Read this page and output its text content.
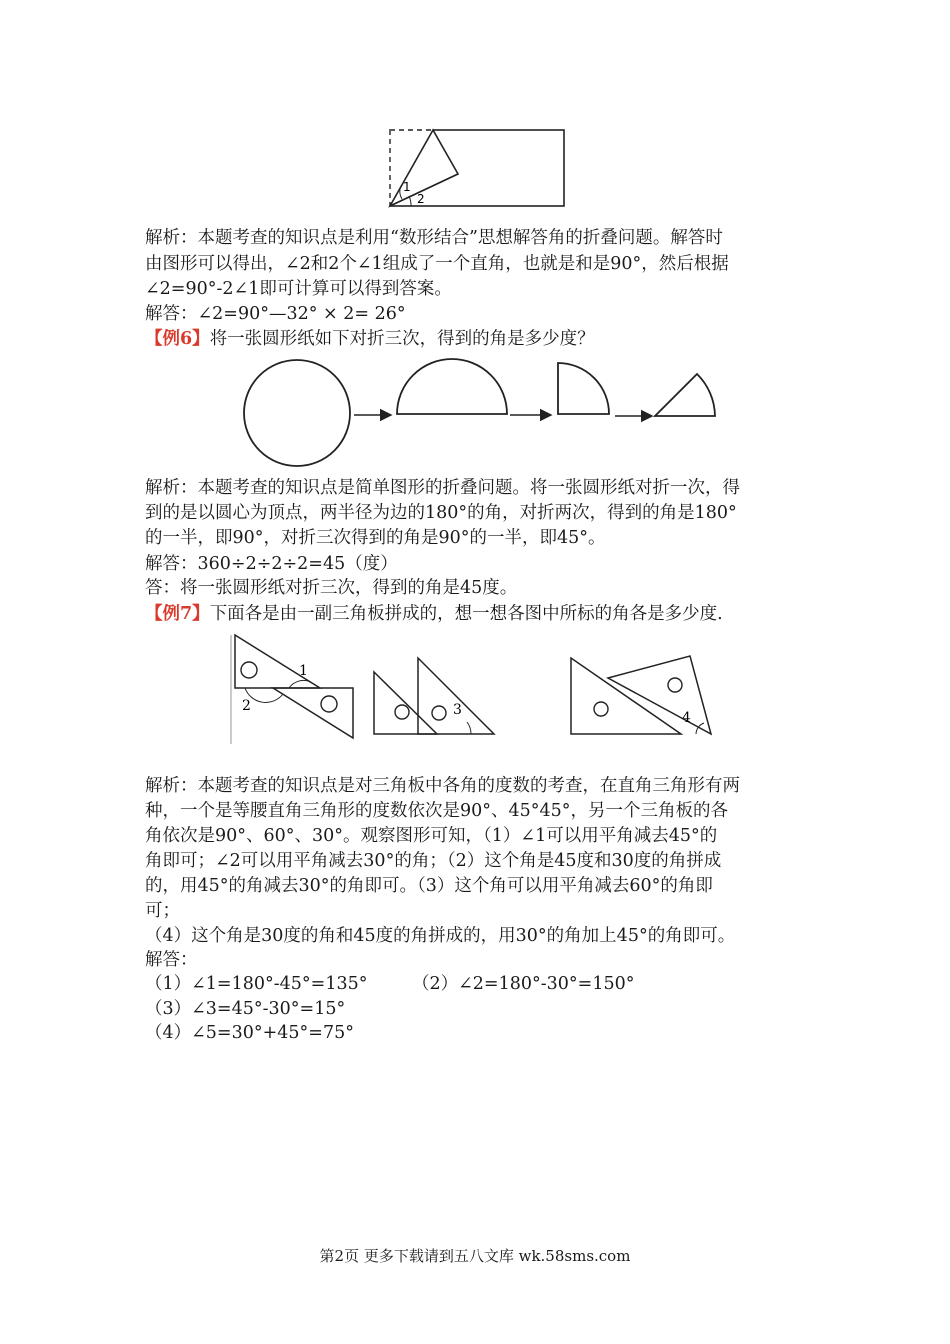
1
2
解析：本题考查的知识点是利用“数形结合”思想解答角的折叠问题。解答时
由图形可以得出，∠2和2个∠1组成了一个直角，也就是和是90°，然后根据
∠2=90°-2∠1即可计算可以得到答案。
解答：∠2=90°—32° × 2= 26°
【例6】将一张圆形纸如下对折三次，得到的角是多少度？
解析：本题考查的知识点是简单图形的折叠问题。将一张圆形纸对折一次，得
到的是以圆心为顶点，两半径为边的180°的角，对折两次，得到的角是180°
的一半，即90°，对折三次得到的角是90°的一半，即45°。
解答：360÷2÷2÷2=45（度）
答：将一张圆形纸对折三次，得到的角是45度。
【例7】下面各是由一副三角板拼成的，想一想各图中所标的角各是多少度.
1
2	3	4
解析：本题考查的知识点是对三角板中各角的度数的考查，在直角三角形有两
种，一个是等腰直角三角形的度数依次是90°、45°45°，另一个三角板的各
角依次是90°、60°、30°。观察图形可知，（1）∠1可以用平角减去45°的
角即可；∠2可以用平角减去30°的角；（2）这个角是45度和30度的角拼成
的，用45°的角减去30°的角即可。（3）这个角可以用平角减去60°的角即
可；
（4）这个角是30度的角和45度的角拼成的，用30°的角加上45°的角即可。
解答：
（1）∠1=180°-45°=135°	（2）∠2=180°-30°=150°
（3）∠3=45°-30°=15°
（4）∠5=30°+45°=75°
第2页 更多下载请到五八文库 wk.58sms.com
